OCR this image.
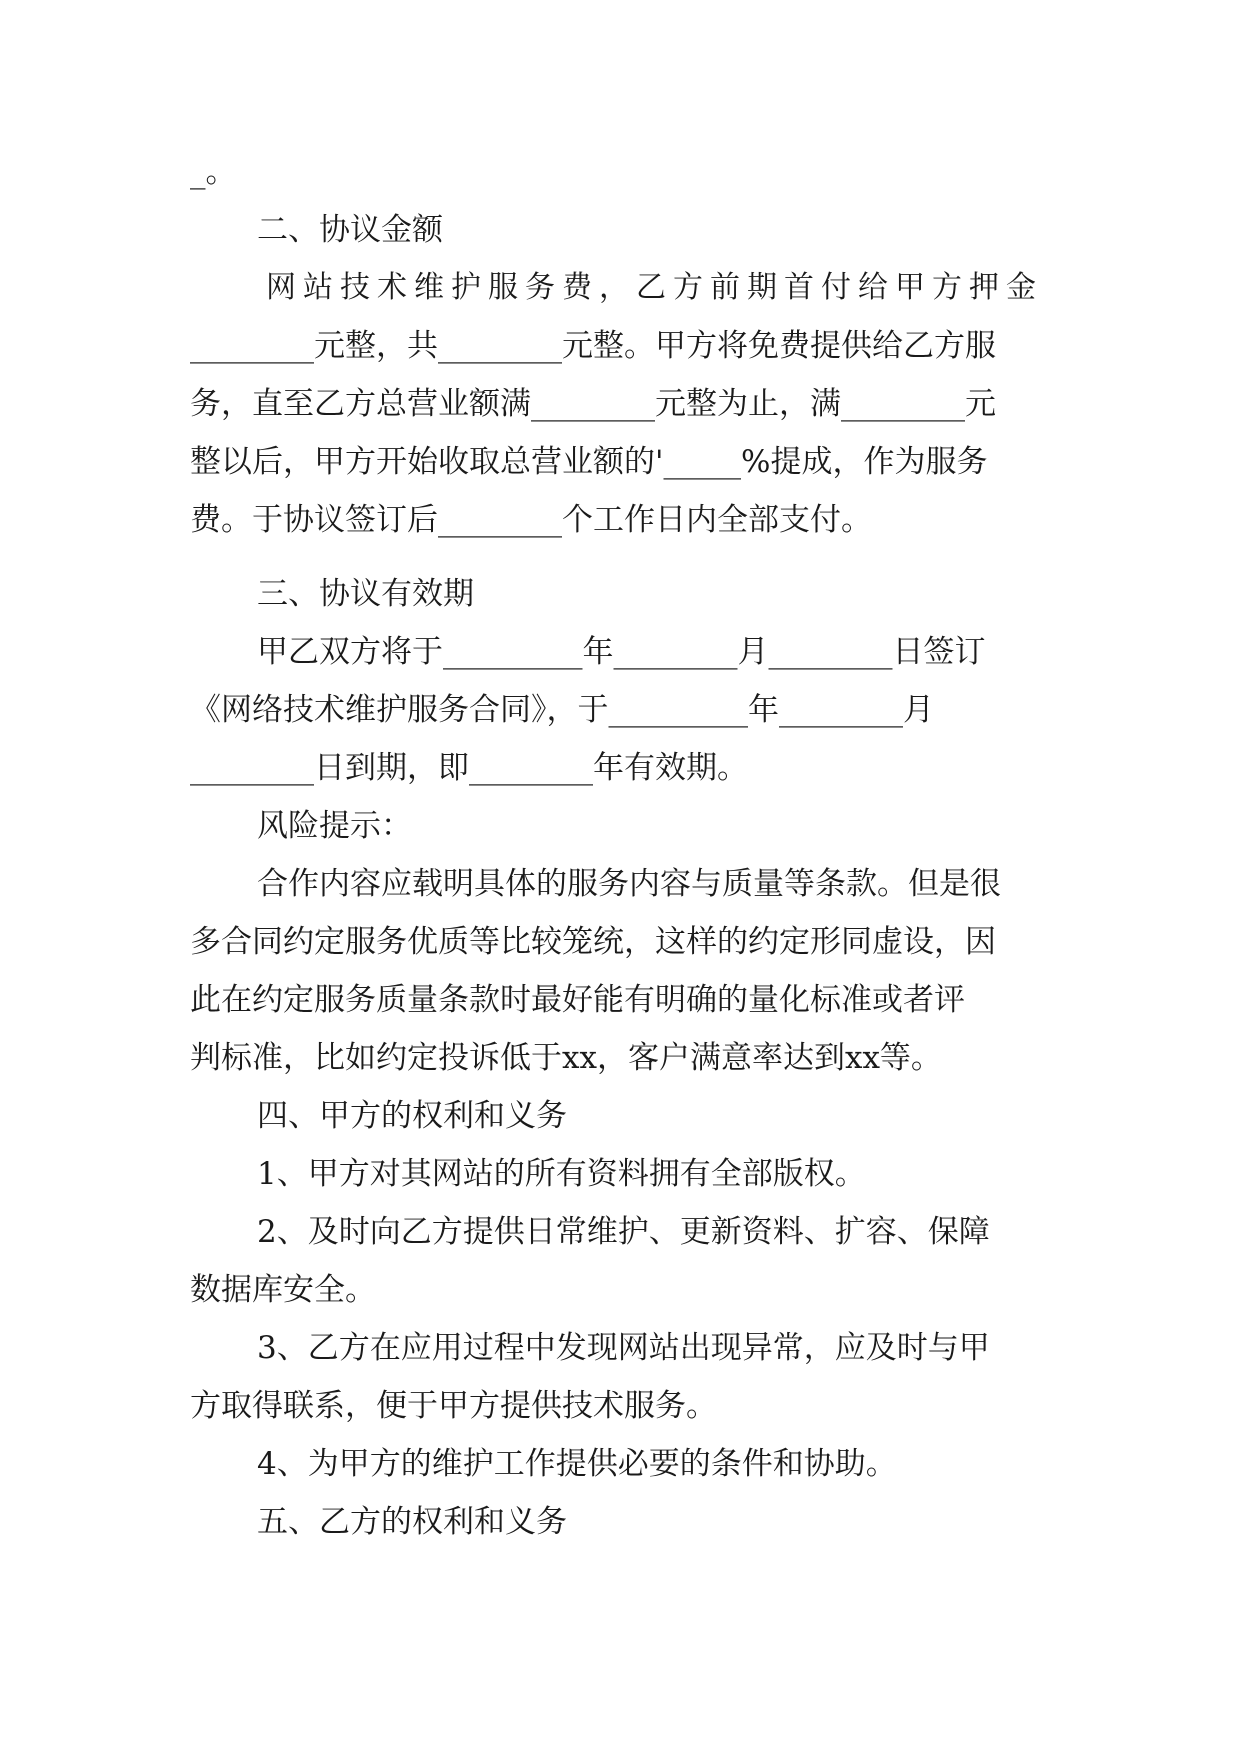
_。
二、协议金额
网站技术维护服务费，乙方前期首付给甲方押金
________元整，共________元整。甲方将免费提供给乙方服
务，直至乙方总营业额满________元整为止，满________元
整以后，甲方开始收取总营业额的'_____%提成，作为服务
费。于协议签订后________个工作日内全部支付。
三、协议有效期
甲乙双方将于_________年________月________日签订
《网络技术维护服务合同》，于_________年________月
________日到期，即________年有效期。
风险提示：
合作内容应载明具体的服务内容与质量等条款。但是很
多合同约定服务优质等比较笼统，这样的约定形同虚设，因
此在约定服务质量条款时最好能有明确的量化标准或者评
判标准，比如约定投诉低于xx，客户满意率达到xx等。
四、甲方的权利和义务
1、甲方对其网站的所有资料拥有全部版权。
2、及时向乙方提供日常维护、更新资料、扩容、保障
数据库安全。
3、乙方在应用过程中发现网站出现异常，应及时与甲
方取得联系，便于甲方提供技术服务。
4、为甲方的维护工作提供必要的条件和协助。
五、乙方的权利和义务
